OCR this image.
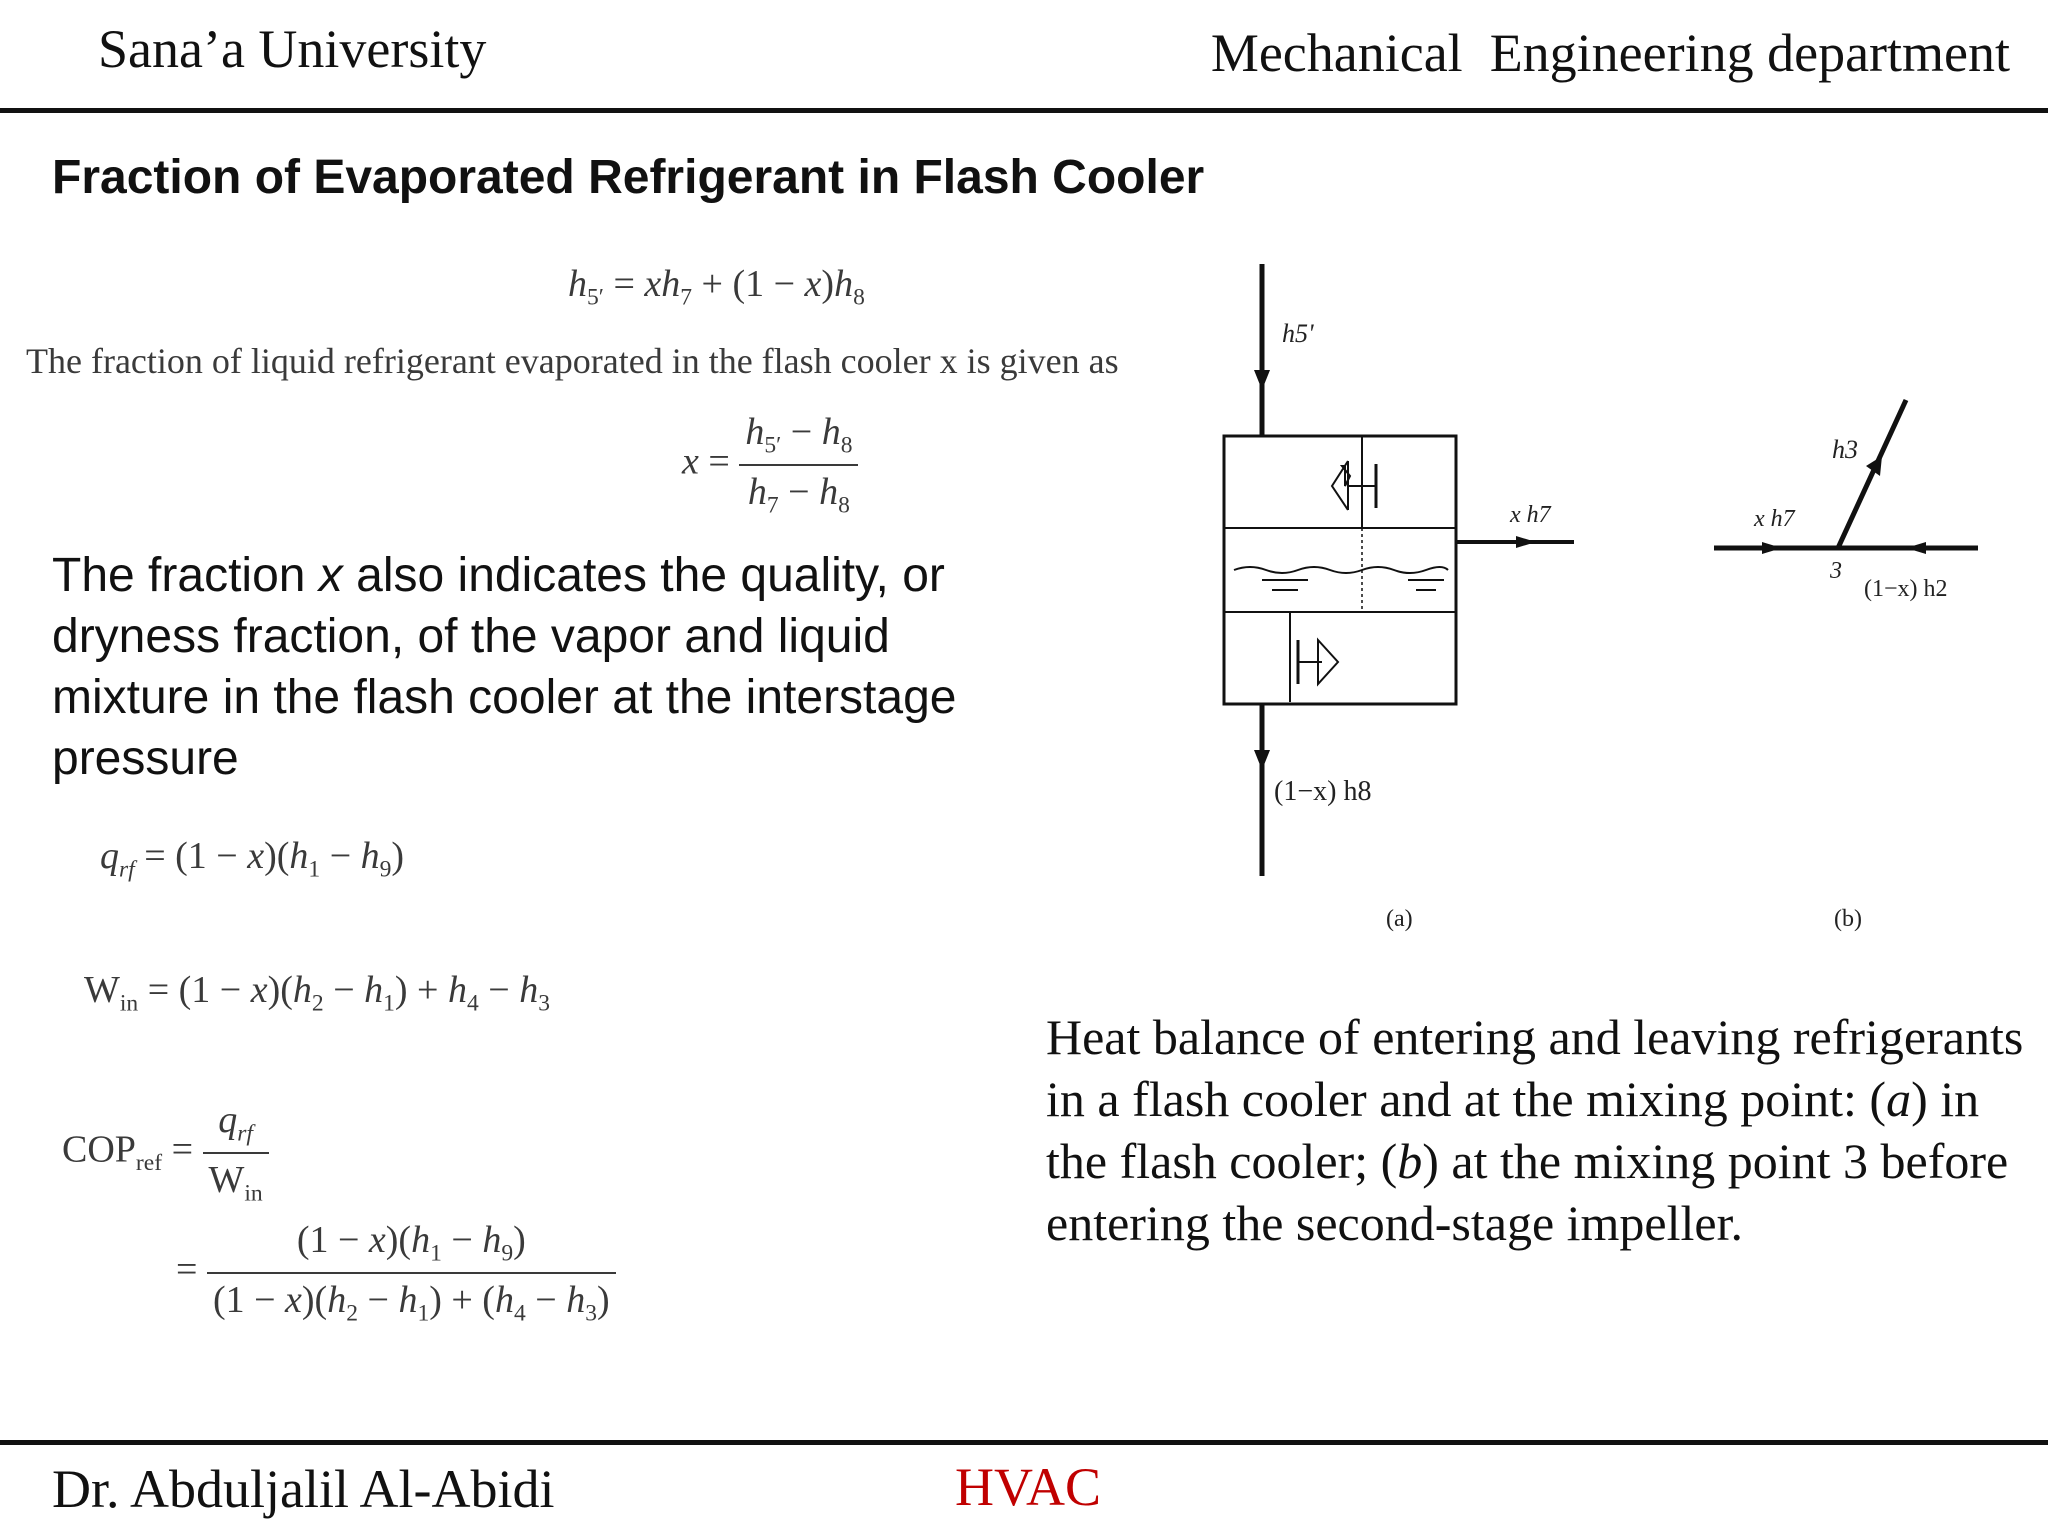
Sana’a University	Mechanical  Engineering department
Fraction of Evaporated Refrigerant in Flash Cooler
$h_{5'} = xh_7 + (1 - x)h_8$
The fraction of liquid refrigerant evaporated in the flash cooler x is given as
$x = \frac{h_{5'} - h_8}{h_7 - h_8}$
The fraction x also indicates the quality, or dryness fraction, of the vapor and liquid mixture in the flash cooler at the interstage pressure
$q_{rf} = (1 - x)(h_1 - h_9)$
$W_{in} = (1 - x)(h_2 - h_1) + h_4 - h_3$
$COP_{ref} = \frac{q_{rf}}{W_{in}}$
= $\frac{(1 - x)(h_1 - h_9)}{(1 - x)(h_2 - h_1) + (h_4 - h_3)}$
h5'
x h7
(1−x) h8
(a)
h3
x h7
3
(1−x) h2
(b)
Heat balance of entering and leaving refrigerants in a flash cooler and at the mixing point: (a) in the flash cooler; (b) at the mixing point 3 before entering the second-stage impeller.
Dr. Abduljalil Al-Abidi	HVAC
